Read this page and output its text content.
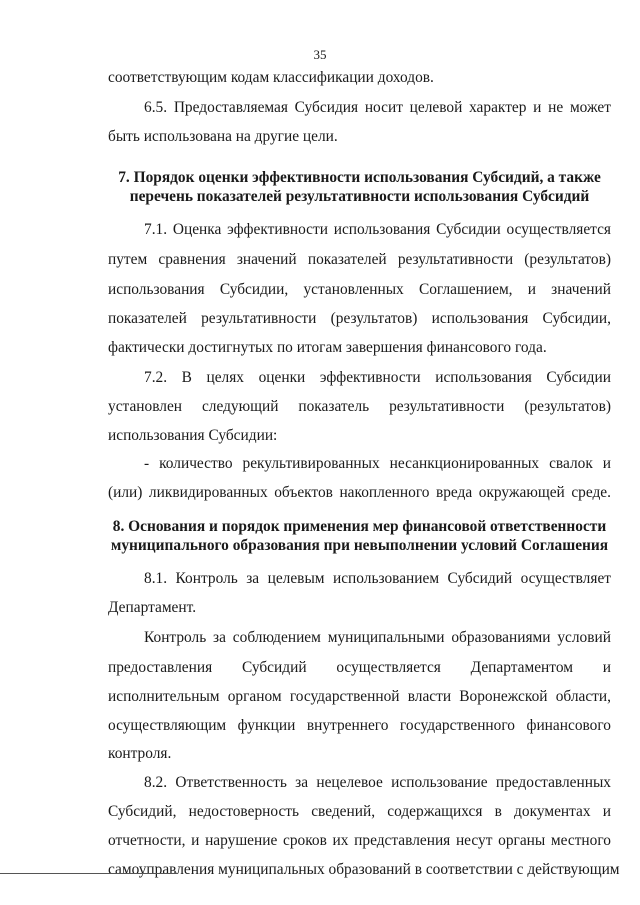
35
соответствующим кодам классификации доходов.
6.5. Предоставляемая Субсидия носит целевой характер и не может
быть использована на другие цели.
7. Порядок оценки эффективности использования Субсидий, а также
перечень показателей результативности использования Субсидий
7.1. Оценка эффективности использования Субсидии осуществляется
путем сравнения значений показателей результативности (результатов)
использования Субсидии, установленных Соглашением, и значений
показателей результативности (результатов) использования Субсидии,
фактически достигнутых по итогам завершения финансового года.
7.2. В целях оценки эффективности использования Субсидии
установлен следующий показатель результативности (результатов)
использования Субсидии:
- количество рекультивированных несанкционированных свалок и
(или) ликвидированных объектов накопленного вреда окружающей среде.
8. Основания и порядок применения мер финансовой ответственности
муниципального образования при невыполнении условий Соглашения
8.1. Контроль за целевым использованием Субсидий осуществляет
Департамент.
Контроль за соблюдением муниципальными образованиями условий
предоставления Субсидий осуществляется Департаментом и
исполнительным органом государственной власти Воронежской области,
осуществляющим функции внутреннего государственного финансового
контроля.
8.2. Ответственность за нецелевое использование предоставленных
Субсидий, недостоверность сведений, содержащихся в документах и
отчетности, и нарушение сроков их представления несут органы местного
самоуправления муниципальных образований в соответствии с действующим
